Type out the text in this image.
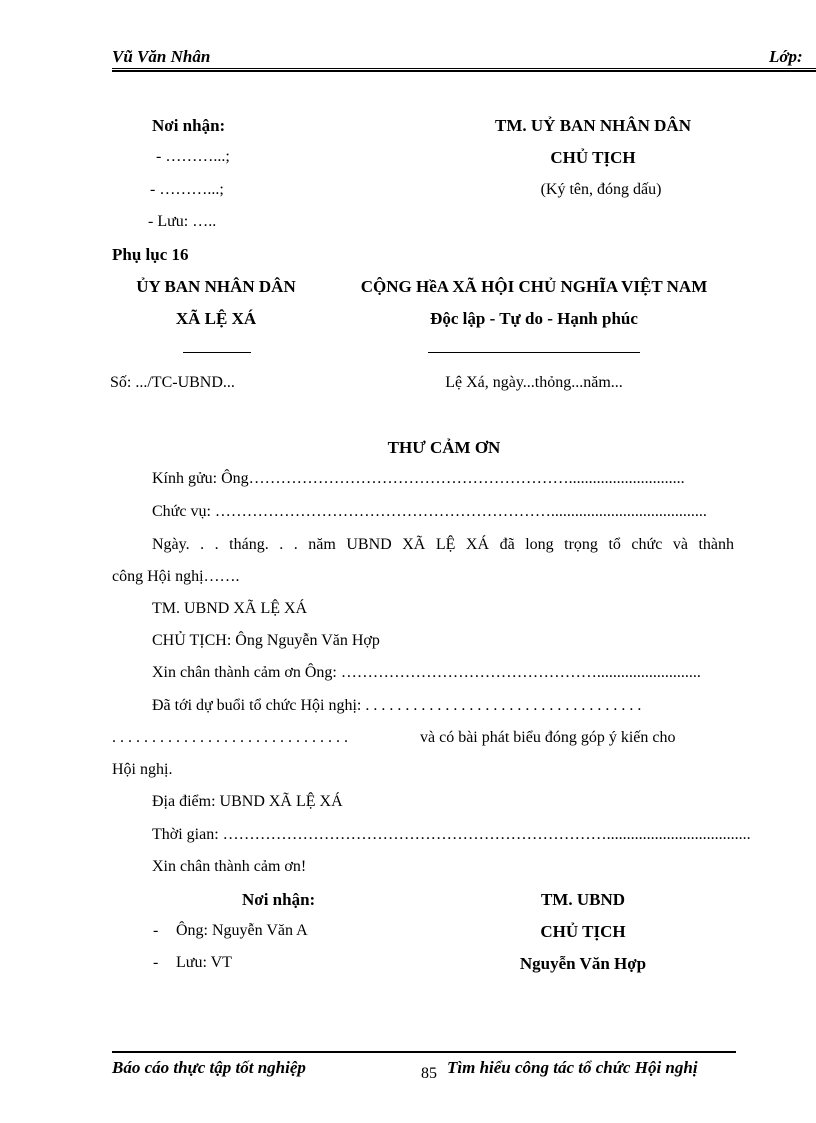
Vũ Văn Nhân	Lớp:
Nơi nhận:
- ………...;
- ………...;
- Lưu: …..
TM. UỶ BAN NHÂN DÂN
CHỦ TỊCH
(Ký tên, đóng dấu)
Phụ lục 16
ỦY BAN NHÂN DÂN
XÃ LỆ XÁ
CỘNG HềA XÃ HỘI CHỦ NGHĨA VIỆT NAM
Độc lập - Tự do - Hạnh phúc
Số: .../TC-UBND...	Lệ Xá, ngày...thỏng...năm...
THƯ CẢM ƠN
Kính gửu: Ông…………………………………………………….............................
Chức vụ: ……………………………………………………….......................................
Ngày. . . tháng. . . năm UBND XÃ LỆ XÁ đã long trọng tổ chức và thành
công Hội nghị…….
TM. UBND XÃ LỆ XÁ
CHỦ TỊCH: Ông Nguyễn Văn Hợp
Xin chân thành cảm ơn Ông: …………………………………………..........................
Đã tới dự buổi tổ chức Hội nghị: . . . . . . . . . . . . . . . . . . . . . . . . . . . . . . . . . . .
. . . . . . . . . . . . . . . . . . . . . . . . . . . . . .	và có bài phát biểu đóng góp ý kiến cho
Hội nghị.
Địa điểm: UBND XÃ LỆ XÁ
Thời gian: ………………………………………………………………....................................
Xin chân thành cảm ơn!
Nơi nhận:
- Ông: Nguyễn Văn A
- Lưu: VT
TM. UBND
CHỦ TỊCH
Nguyễn Văn Hợp
Báo cáo thực tập tốt nghiệp	85 Tìm hiểu công tác tổ chức Hội nghị
